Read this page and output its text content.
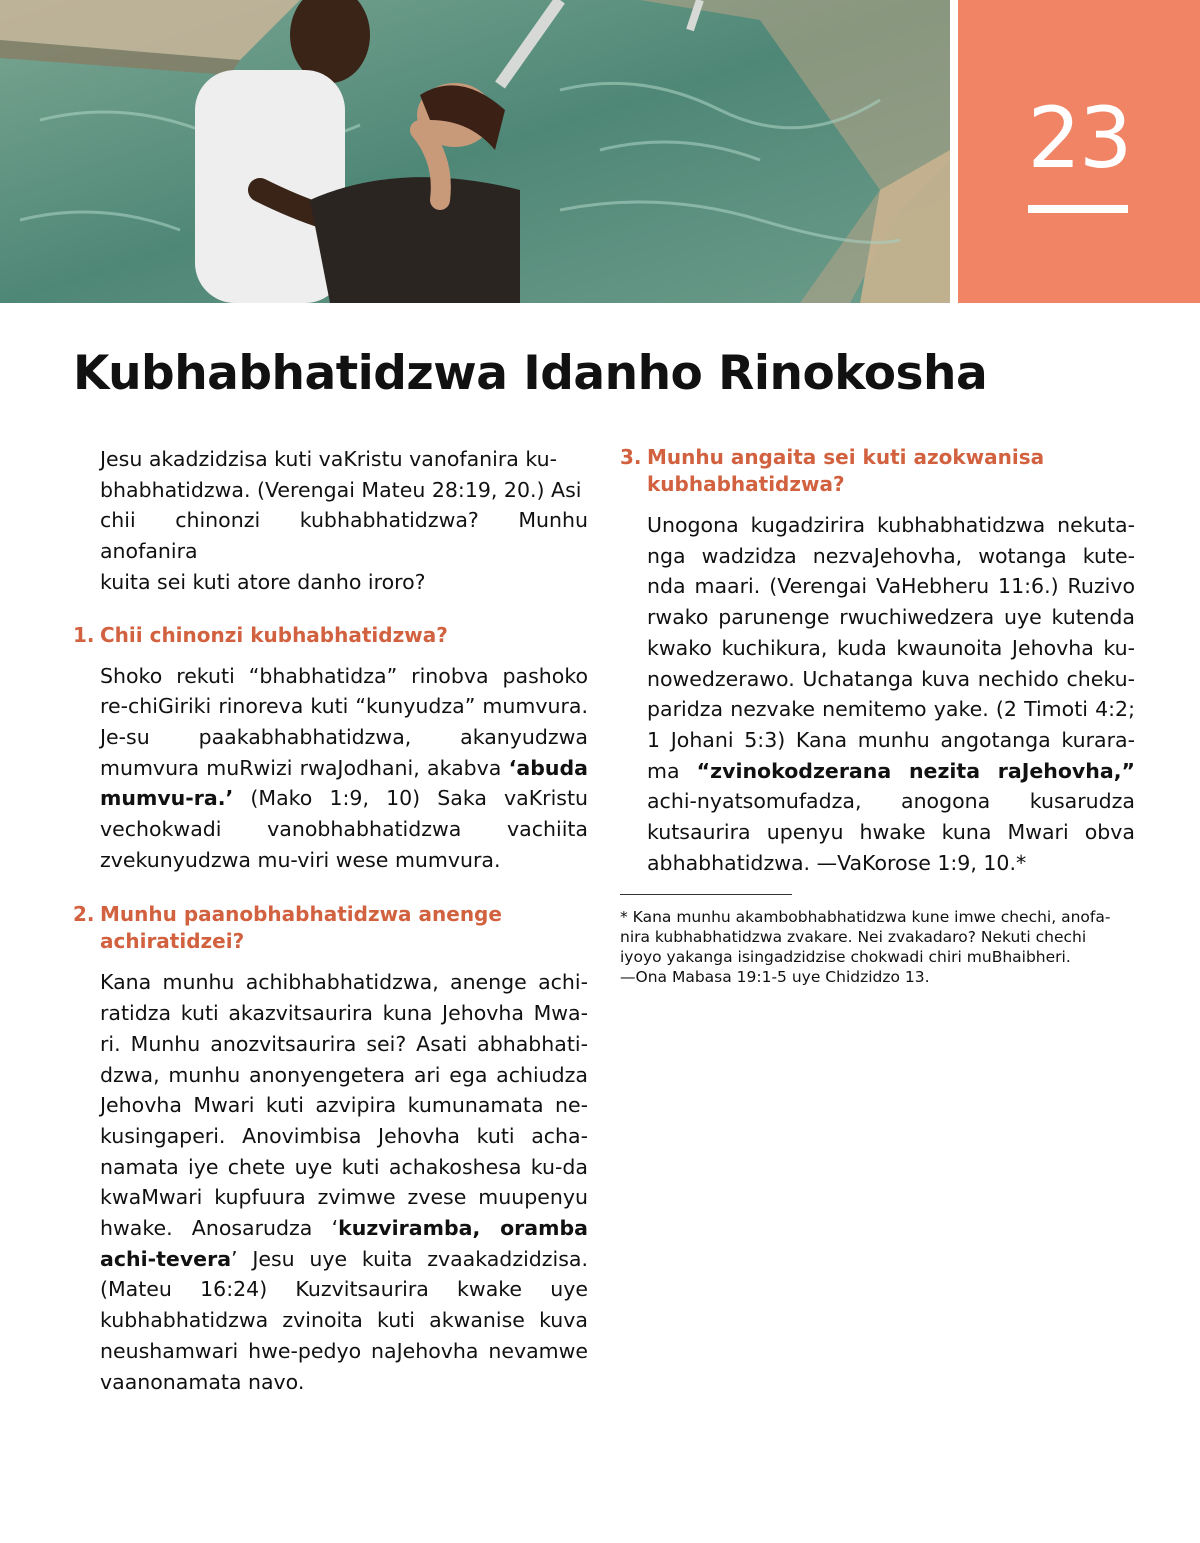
23
Kubhabhatidzwa Idanho Rinokosha
Jesu akadzidzisa kuti vaKristu vanofanira ku-
bhabhatidzwa. (Verengai Mateu 28:19, 20.) Asi
chii chinonzi kubhabhatidzwa? Munhu anofanira
kuita sei kuti atore danho iroro?
1. Chii chinonzi kubhabhatidzwa?

Shoko rekuti “bhabhatidza” rinobva pashoko re-chiGiriki rinoreva kuti “kunyudza” mumvura. Je-su paakabhabhatidzwa, akanyudzwa mumvura muRwizi rwaJodhani, akabva ‘abuda mumvu-ra.’ (Mako 1:9, 10) Saka vaKristu vechokwadi vanobhabhatidzwa vachiita zvekunyudzwa mu-viri wese mumvura.

2. Munhu paanobhabhatidzwa anenge achiratidzei?

Kana munhu achibhabhatidzwa, anenge achi-ratidza kuti akazvitsaurira kuna Jehovha Mwa-ri. Munhu anozvitsaurira sei? Asati abhabhati-dzwa, munhu anonyengetera ari ega achiudza Jehovha Mwari kuti azvipira kumunamata ne-kusingaperi. Anovimbisa Jehovha kuti acha-namata iye chete uye kuti achakoshesa ku-da kwaMwari kupfuura zvimwe zvese muupenyu hwake. Anosarudza ‘kuzviramba, oramba achi-tevera’ Jesu uye kuita zvaakadzidzisa. (Mateu 16:24) Kuzvitsaurira kwake uye kubhabhatidzwa zvinoita kuti akwanise kuva neushamwari hwe-pedyo naJehovha nevamwe vaanonamata navo.

3. Munhu angaita sei kuti azokwanisa kubhabhatidzwa?

Unogona kugadzirira kubhabhatidzwa nekuta-nga wadzidza nezvaJehovha, wotanga kute-nda maari. (Verengai VaHebheru 11:6.) Ruzivo rwako parunenge rwuchiwedzera uye kutenda kwako kuchikura, kuda kwaunoita Jehovha ku-nowedzerawo. Uchatanga kuva nechido cheku-paridza nezvake nemitemo yake. (2 Timoti 4:2; 1 Johani 5:3) Kana munhu angotanga kurara-ma “zvinokodzerana nezita raJehovha,” achi-nyatsomufadza, anogona kusarudza kutsaurira upenyu hwake kuna Mwari obva abhabhatidzwa. —VaKorose 1:9, 10.*

* Kana munhu akambobhabhatidzwa kune imwe chechi, anofa-
nira kubhabhatidzwa zvakare. Nei zvakadaro? Nekuti chechi
iyoyo yakanga isingadzidzise chokwadi chiri muBhaibheri.
—Ona Mabasa 19:1-5 uye Chidzidzo 13.
